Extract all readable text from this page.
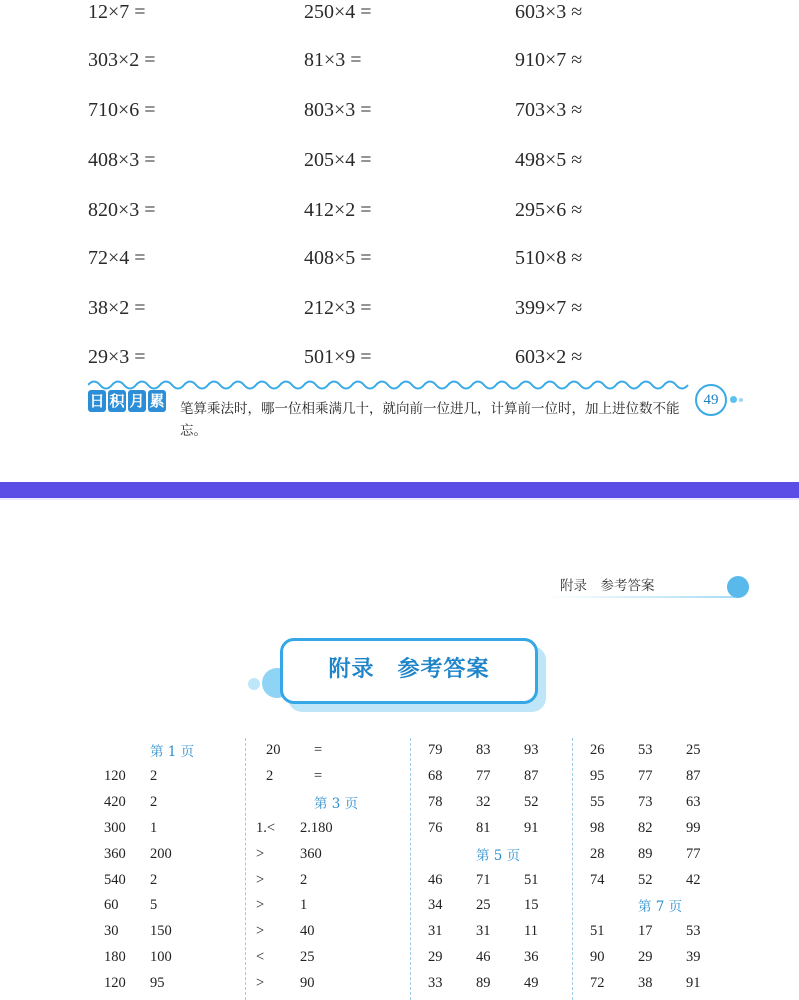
12×7 =	250×4 =	603×3 ≈
303×2 =	81×3 =	910×7 ≈
710×6 =	803×3 =	703×3 ≈
408×3 =	205×4 =	498×5 ≈
820×3 =	412×2 =	295×6 ≈
72×4 =	408×5 =	510×8 ≈
38×2 =	212×3 =	399×7 ≈
29×3 =	501×9 =	603×2 ≈
日 积 月 累 笔算乘法时，哪一位相乘满几十，就向前一位进几，计算前一位时，加上进位数不能忘。
49
附录　参考答案
附录　参考答案
第 1 页
120 2
420 2
300 1
360 200
540 2
60 5
30 150
180 100
120 95
20 =
2	=
第 3 页
1.< 2.180
> 360
> 2
> 1
> 40
< 25
> 90
79 83 93
68 77 87
78 32 52
76 81 91
第 5 页
46 71 51
34 25 15
31 31 11
29 46 36
33 89 49
26 53 25
95 77 87
55 73 63
98 82 99
28 89 77
74 52 42
第 7 页
51 17 53
90 29 39
72 38 91
